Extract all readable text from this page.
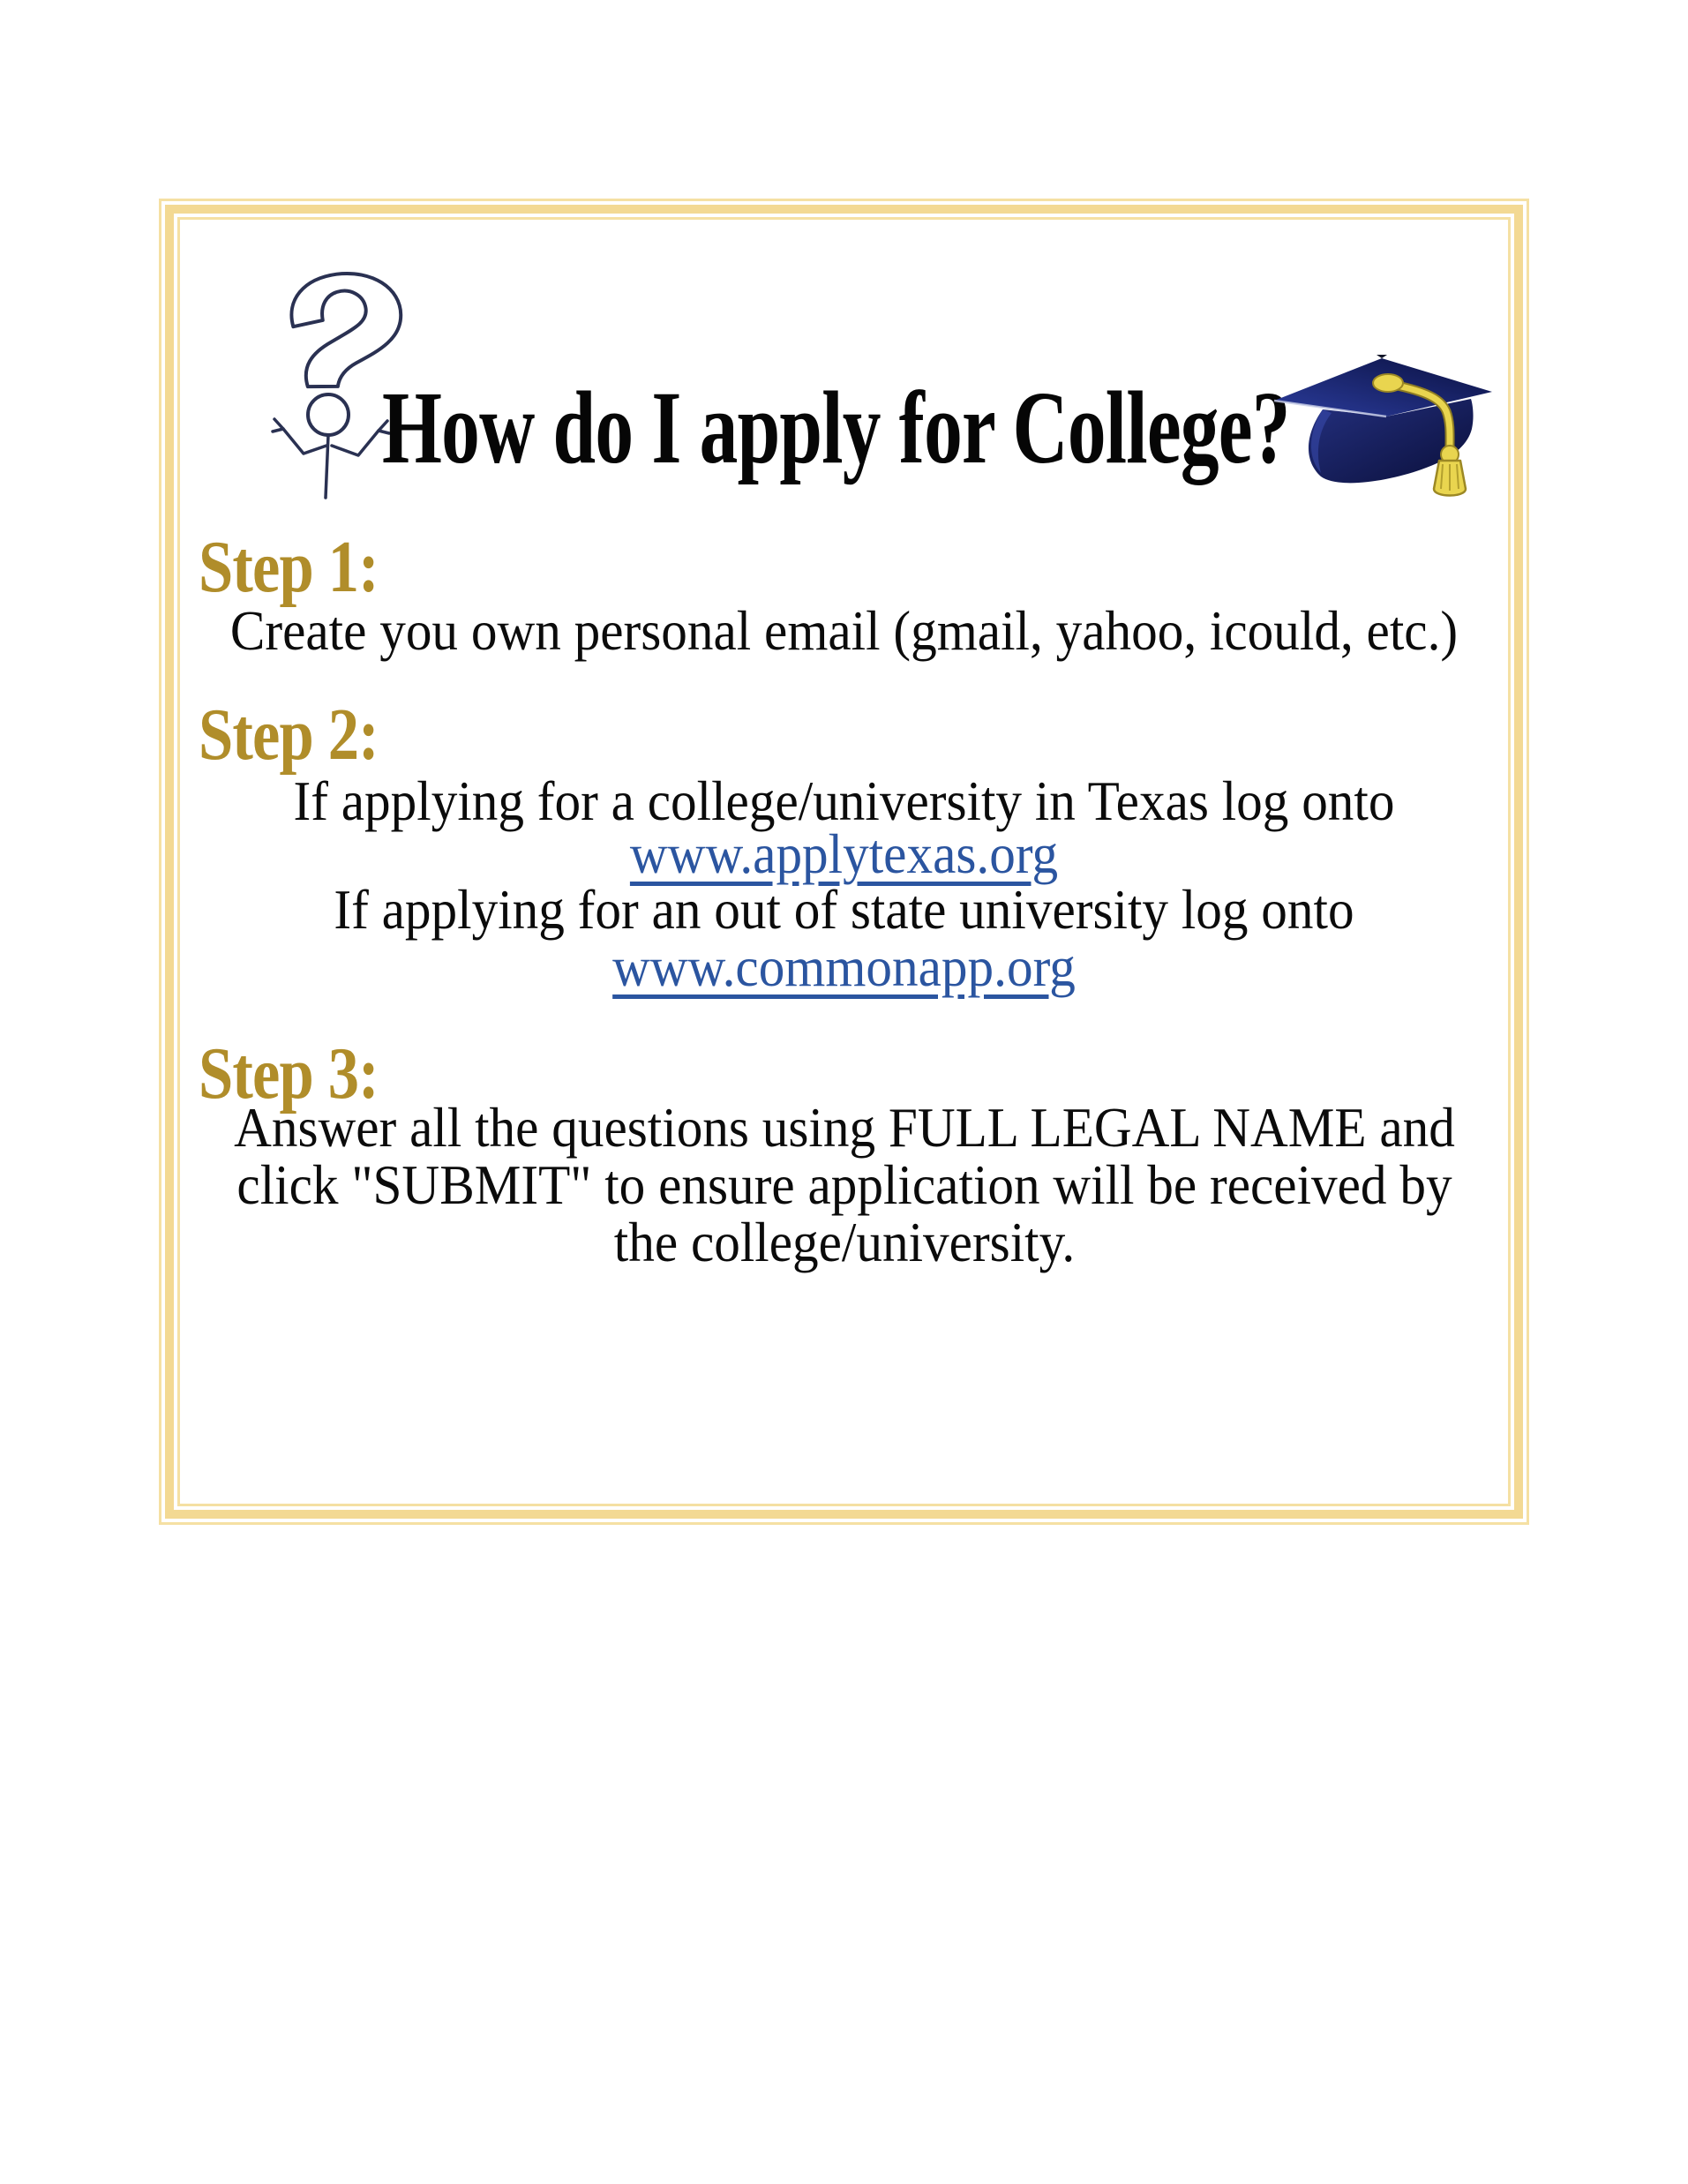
How do I apply for College?
Step 1:

Create you own personal email (gmail, yahoo, icould, etc.)

Step 2:

If applying for a college/university in Texas log onto

www.applytexas.org

If applying for an out of state university log onto

www.commonapp.org

Step 3:

Answer all the questions using FULL LEGAL NAME and click "SUBMIT" to ensure application will be received by the college/university.
